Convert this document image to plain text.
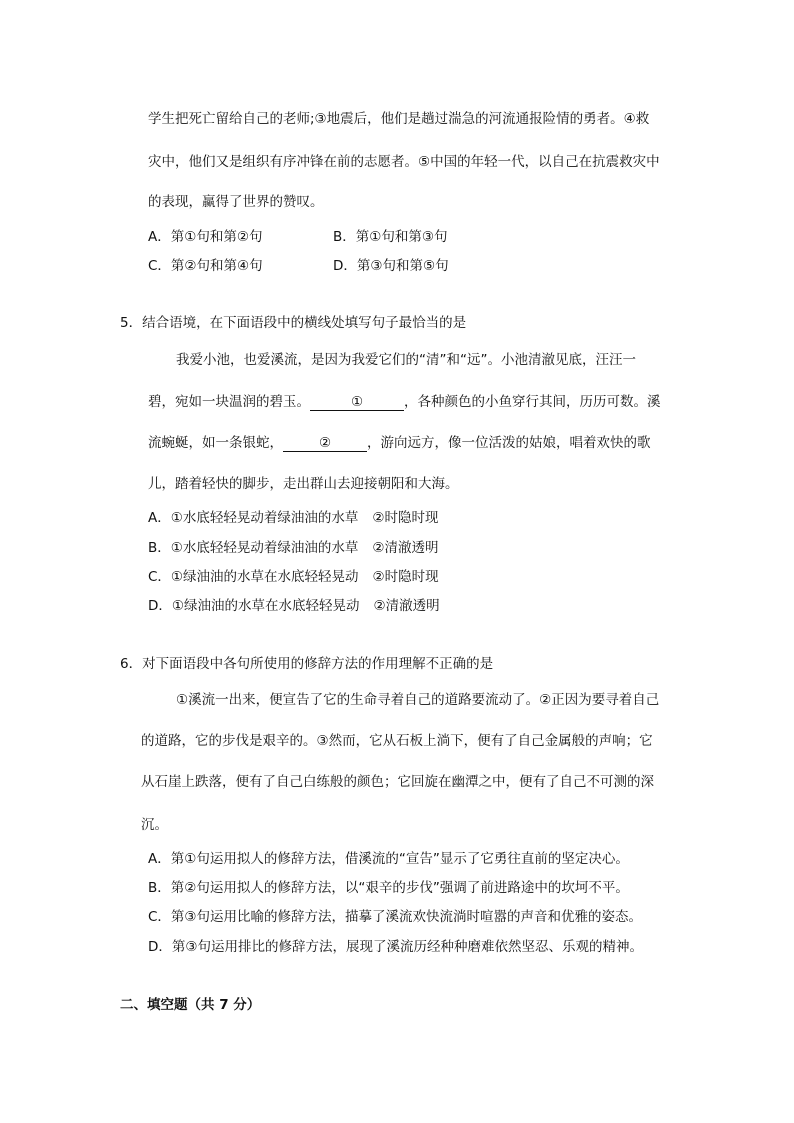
学生把死亡留给自己的老师;③地震后，他们是趟过湍急的河流通报险情的勇者。④救
灾中，他们又是组织有序冲锋在前的志愿者。⑤中国的年轻一代，以自己在抗震救灾中
的表现，赢得了世界的赞叹。
A．第①句和第②句	B．第①句和第③句
C．第②句和第④句	D．第③句和第⑤句
5．结合语境，在下面语段中的横线处填写句子最恰当的是
我爱小池，也爱溪流，是因为我爱它们的“清”和“远”。小池清澈见底，汪汪一
碧，宛如一块温润的碧玉。	①	，各种颜色的小鱼穿行其间，历历可数。溪
流蜿蜒，如一条银蛇，	②	，游向远方，像一位活泼的姑娘，唱着欢快的歌
儿，踏着轻快的脚步，走出群山去迎接朝阳和大海。
A．①水底轻轻晃动着绿油油的水草 ②时隐时现
B．①水底轻轻晃动着绿油油的水草 ②清澈透明
C．①绿油油的水草在水底轻轻晃动 ②时隐时现
D．①绿油油的水草在水底轻轻晃动 ②清澈透明
6．对下面语段中各句所使用的修辞方法的作用理解不正确的是
①溪流一出来，便宣告了它的生命寻着自己的道路要流动了。②正因为要寻着自己
的道路，它的步伐是艰辛的。③然而，它从石板上淌下，便有了自己金属般的声响；它
从石崖上跌落，便有了自己白练般的颜色；它回旋在幽潭之中，便有了自己不可测的深
沉。
A．第①句运用拟人的修辞方法，借溪流的“宣告”显示了它勇往直前的坚定决心。
B．第②句运用拟人的修辞方法，以“艰辛的步伐”强调了前进路途中的坎坷不平。
C．第③句运用比喻的修辞方法，描摹了溪流欢快流淌时喧嚣的声音和优雅的姿态。
D．第③句运用排比的修辞方法，展现了溪流历经种种磨难依然坚忍、乐观的精神。
二、填空题（共 7 分）
